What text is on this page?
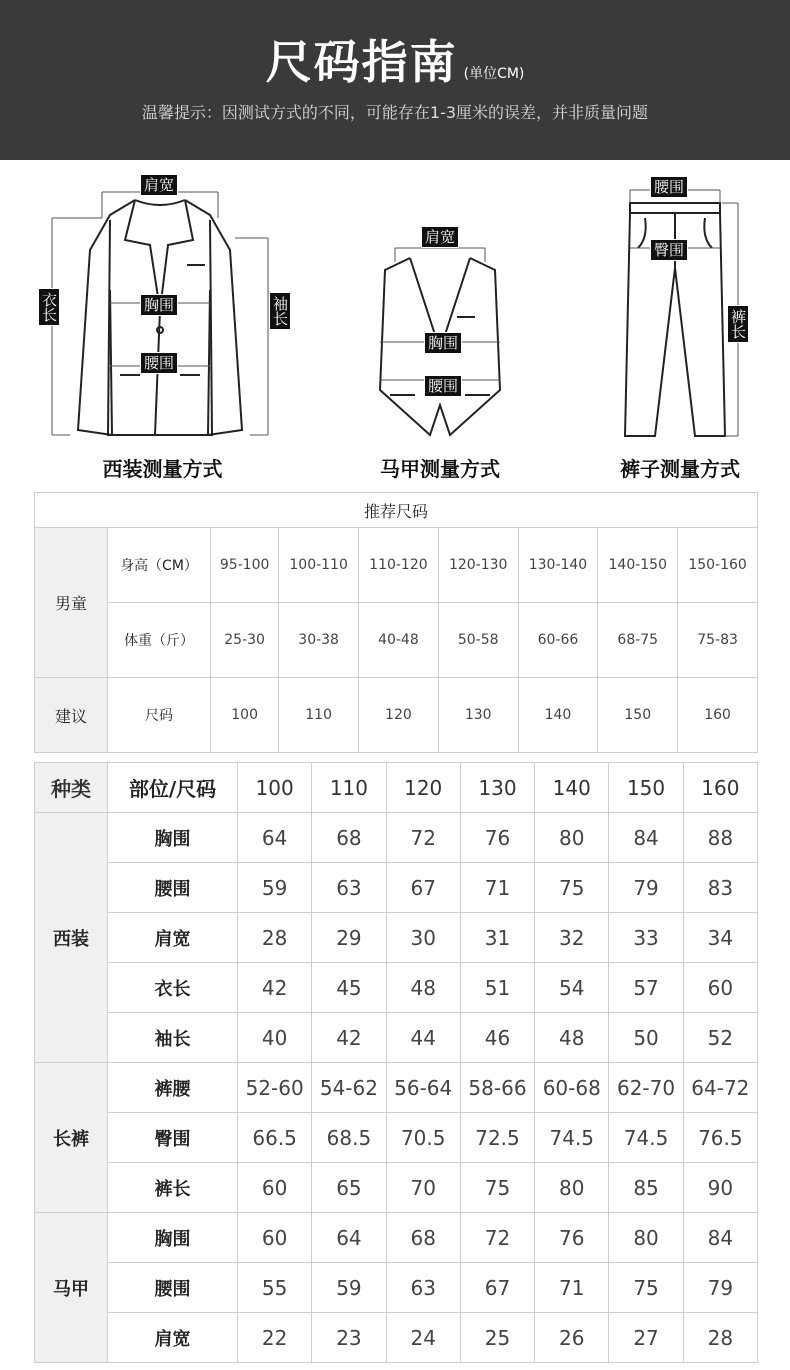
尺码指南 (单位CM)
温馨提示：因测试方式的不同，可能存在1-3厘米的误差，并非质量问题
肩宽
胸围
腰围
衣长	袖长
西装测量方式
肩宽
胸围
腰围
马甲测量方式
腰围
臀围
裤长
裤子测量方式
推荐尺码								
男童	身高（CM）	95-100	100-110	110-120	120-130	130-140	140-150	150-160
	体重（斤）	25-30	30-38	40-48	50-58	60-66	68-75	75-83
建议	尺码	100	110	120	130	140	150	160
种类	部位/尺码	100	110	120	130	140	150	160
西装	胸围	64	68	72	76	80	84	88
	腰围	59	63	67	71	75	79	83
	肩宽	28	29	30	31	32	33	34
	衣长	42	45	48	51	54	57	60
	袖长	40	42	44	46	48	50	52
长裤	裤腰	52-60	54-62	56-64	58-66	60-68	62-70	64-72
	臀围	66.5	68.5	70.5	72.5	74.5	74.5	76.5
	裤长	60	65	70	75	80	85	90
马甲	胸围	60	64	68	72	76	80	84
	腰围	55	59	63	67	71	75	79
	肩宽	22	23	24	25	26	27	28
